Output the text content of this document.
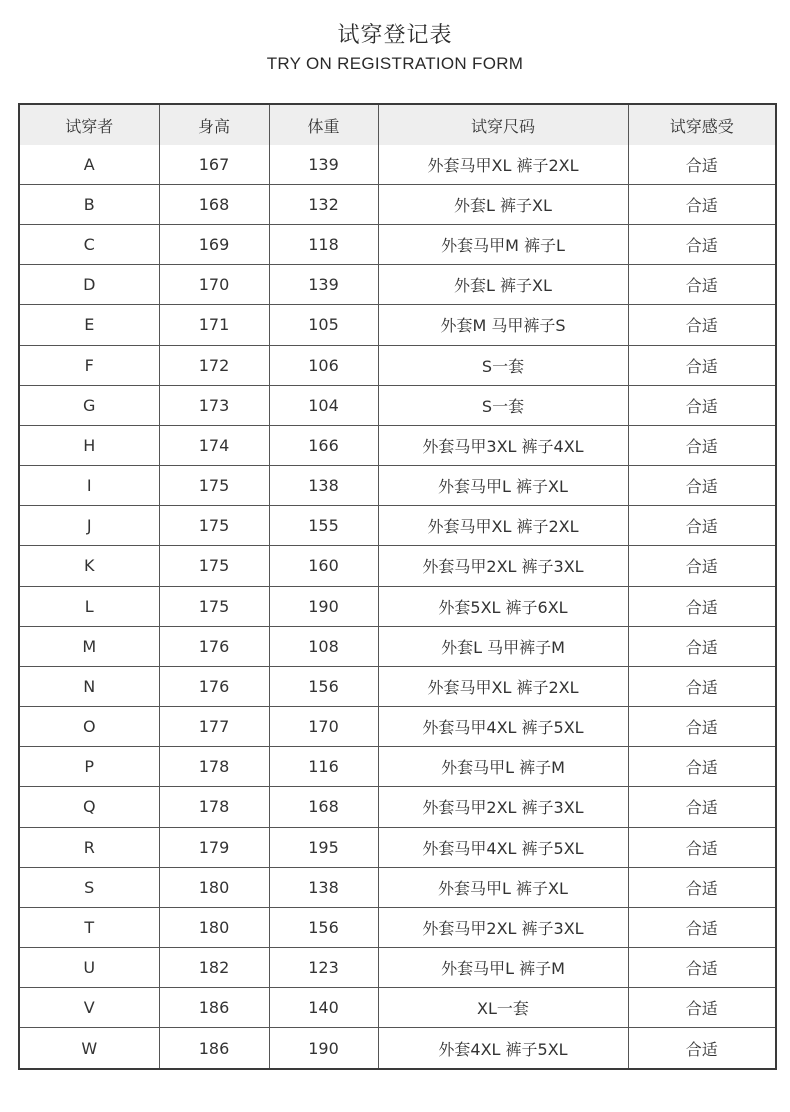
试穿登记表
TRY ON REGISTRATION FORM
试穿者	身高	体重	试穿尺码	试穿感受
A	167	139	外套马甲XL 裤子2XL	合适
B	168	132	外套L 裤子XL	合适
C	169	118	外套马甲M 裤子L	合适
D	170	139	外套L 裤子XL	合适
E	171	105	外套M 马甲裤子S	合适
F	172	106	S一套	合适
G	173	104	S一套	合适
H	174	166	外套马甲3XL 裤子4XL	合适
I	175	138	外套马甲L 裤子XL	合适
J	175	155	外套马甲XL 裤子2XL	合适
K	175	160	外套马甲2XL 裤子3XL	合适
L	175	190	外套5XL 裤子6XL	合适
M	176	108	外套L 马甲裤子M	合适
N	176	156	外套马甲XL 裤子2XL	合适
O	177	170	外套马甲4XL 裤子5XL	合适
P	178	116	外套马甲L 裤子M	合适
Q	178	168	外套马甲2XL 裤子3XL	合适
R	179	195	外套马甲4XL 裤子5XL	合适
S	180	138	外套马甲L 裤子XL	合适
T	180	156	外套马甲2XL 裤子3XL	合适
U	182	123	外套马甲L 裤子M	合适
V	186	140	XL一套	合适
W	186	190	外套4XL 裤子5XL	合适
